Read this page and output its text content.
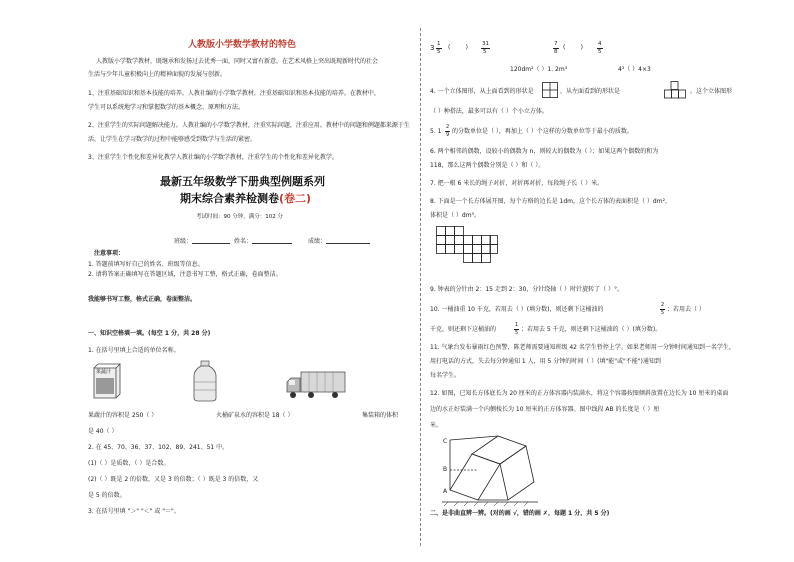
人教版小学数学教材的特色
人教版小学数学教材，既继承和发扬过去优秀一面，同时又富有新意，在艺术风格上突出既现新时代的社会
生活与少年儿童积极向上的精神面貌的发展与创新。
1、注重基础知识和基本技能的培养。人教社编的小学数学教材，注重基础知识和基本技能的培养。在教材中，
学生可以系统地学习和掌握数学的基本概念、原理和方法。
2、注重学生的实际问题解决能力。人教社编的小学数学教材，注重实际问题，注重应用。教材中的问题和例题都来源于生
活，让学生在学习数学的过程中能够感受到数学与生活的紧密。
3、注重学生个性化和差异化教学人教社编的小学数学教材，注重学生的个性化和差异化教学。
最新五年级数学下册典型例题系列
期末综合素养检测卷(卷二)
考试时间：90 分钟，满分：102 分
班级：	姓名：	成绩：
注意事项：
1. 答题前填写好自己的姓名、班级等信息。
2. 请将答案正确填写在答题区域，注意书写工整，格式正确，卷面整洁。
我能够书写工整，格式正确，卷面整洁。
一、知识空格填一填。(每空 1 分，共 28 分)
1. 在括号里填上合适的单位名称。
果蔬汁
果蔬汁的容积是 250（ ）
是 40（ ）
火桶矿泉水的容积是 18（ ）	集装箱的体积
2. 在 45、70、36、37、102、89、241、51 中。
(1)（ ）是质数，（ ）是合数。
(2)（ ）既是 2 的倍数，又是 3 的倍数；（ ）既是 3 的倍数，又
是 5 的倍数。
3. 在括号里填 "＞" "＜" 或 "＝"。
3 1
5
(        )	31
5
7
8
(        )	4
5
120dm²（ ）1. 2m³	4³（ ）4×3
4. 一个立体图形，从上面看到的形状是	，从左面看到的形状是	。这个立体图形
（ ）种搭法，最多可以有（ ）个小立方体。
5. 1
2
9 的分数单位是（ ），再加上（ ）个这样的分数单位等于最小的质数。
6. 两个相邻的偶数，设较小的偶数为 n，则较大的偶数为（ ）；如果这两个偶数的和为
118，那么这两个偶数分别是（ ）和（ ）。
7. 把一根 6 米长的绳子对折、对折再对折，每段绳子长（ ）米。
8. 下面是一个长方体展开图，每个方格的边长是 1dm，这个长方体的表面积是（ ）dm²，
体积是（ ）dm³。
9. 钟表的分针由 2：15 走到 2：30，分针绕轴（ ）时针旋转了（ ）°。
10. 一桶油重 10 千克，若用去（ ）(填分数)，则还剩下这桶油的
2
5 ；若用去（ ）
千克，则还剩下这桶油的
1
5 ；若用去 5 千克，则还剩下这桶油的（ ）(填分数)。
11. 气象台发布暴雨红色预警，陈老师需要通知班级 42 名学生暂停上学。如果老师用一分钟时间通知到一名学生，
用打电话的方式，失去每分钟通知 1 人，用 5 分钟的时间（ ）(填"能"或"不能")通知到
每名学生。
12. 如图，已知长方体底长为 20 厘米的正方体容器内装满水，将这个容器按图倾斜放置在边长为 10 厘米的桌面
边的水正好装满一个内侧棱长为 10 厘米的正方体容器。图中线段 AB 的长度是（ ）厘
米。
C
B
A
二、是非曲直辨一辨。(对的画 √，错的画 ✗，每题 1 分，共 5 分)
